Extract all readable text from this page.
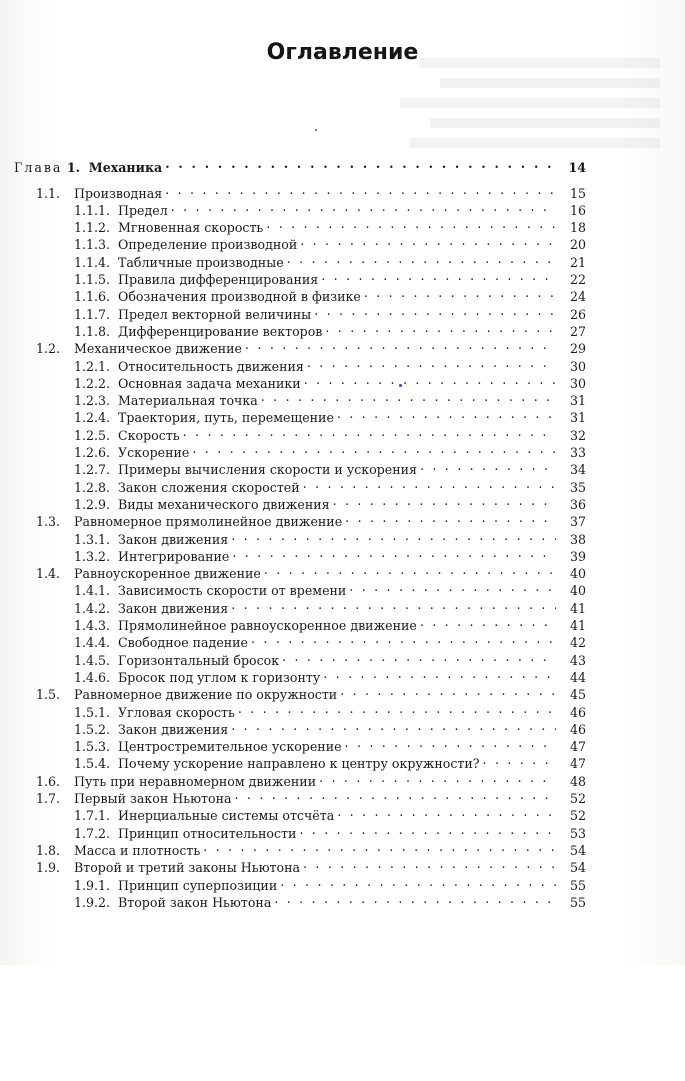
Оглавление
Глава 1. Механика . . .	14
1.1.	Производная . . .	15
1.1.1. Предел . . .	16
1.1.2. Мгновенная скорость . . .	18
1.1.3. Определение производной . . .	20
1.1.4. Табличные производные . . .	21
1.1.5. Правила дифференцирования . . .	22
1.1.6. Обозначения производной в физике . . .	24
1.1.7. Предел векторной величины . . .	26
1.1.8. Дифференцирование векторов . . .	27
1.2.	Механическое движение . . .	29
1.2.1. Относительность движения . . .	30
1.2.2. Основная задача механики . . .	30
1.2.3. Материальная точка . . .	31
1.2.4. Траектория, путь, перемещение . . .	31
1.2.5. Скорость . . .	32
1.2.6. Ускорение . . .	33
1.2.7. Примеры вычисления скорости и ускорения . . .	34
1.2.8. Закон сложения скоростей . . .	35
1.2.9. Виды механического движения . . .	36
1.3.	Равномерное прямолинейное движение . . .	37
1.3.1. Закон движения . . .	38
1.3.2. Интегрирование . . .	39
1.4.	Равноускоренное движение . . .	40
1.4.1. Зависимость скорости от времени . . .	40
1.4.2. Закон движения . . .	41
1.4.3. Прямолинейное равноускоренное движение . . .	41
1.4.4. Свободное падение . . .	42
1.4.5. Горизонтальный бросок . . .	43
1.4.6. Бросок под углом к горизонту . . .	44
1.5.	Равномерное движение по окружности . . .	45
1.5.1. Угловая скорость . . .	46
1.5.2. Закон движения . . .	46
1.5.3. Центростремительное ускорение . . .	47
1.5.4. Почему ускорение направлено к центру окружности? . . .	47
1.6.	Путь при неравномерном движении . . .	48
1.7.	Первый закон Ньютона . . .	52
1.7.1. Инерциальные системы отсчёта . . .	52
1.7.2. Принцип относительности . . .	53
1.8.	Масса и плотность . . .	54
1.9.	Второй и третий законы Ньютона . . .	54
1.9.1. Принцип суперпозиции . . .	55
1.9.2. Второй закон Ньютона . . .	55
